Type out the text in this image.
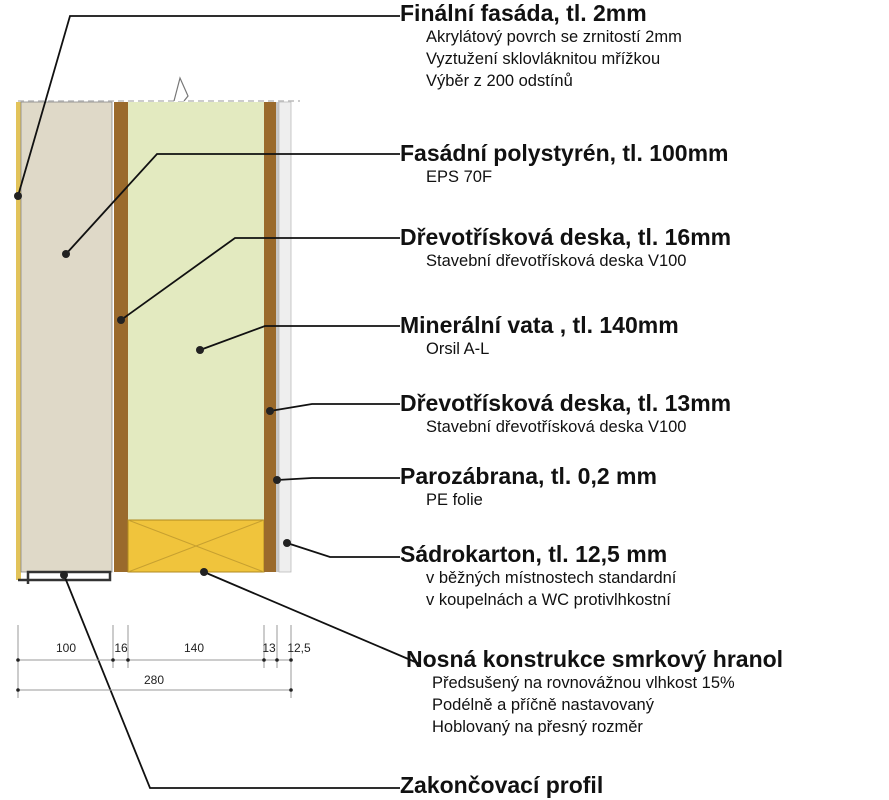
100	16	140	13 12,5
280
Finální fasáda, tl. 2mm
Akrylátový povrch se zrnitostí 2mm
Vyztužení sklovláknitou mřížkou
Výběr z 200 odstínů
Fasádní polystyrén, tl. 100mm
EPS 70F
Dřevotřísková deska, tl. 16mm
Stavební dřevotřísková deska V100
Minerální vata , tl. 140mm
Orsil A-L
Dřevotřísková deska, tl. 13mm
Stavební dřevotřísková deska V100
Parozábrana, tl. 0,2 mm
PE folie
Sádrokarton, tl. 12,5 mm
v běžných místnostech standardní
v koupelnách a WC protivlhkostní
Nosná konstrukce smrkový hranol
Předsušený na rovnovážnou vlhkost 15%
Podélně a příčně nastavovaný
Hoblovaný na přesný rozměr
Zakončovací profil
